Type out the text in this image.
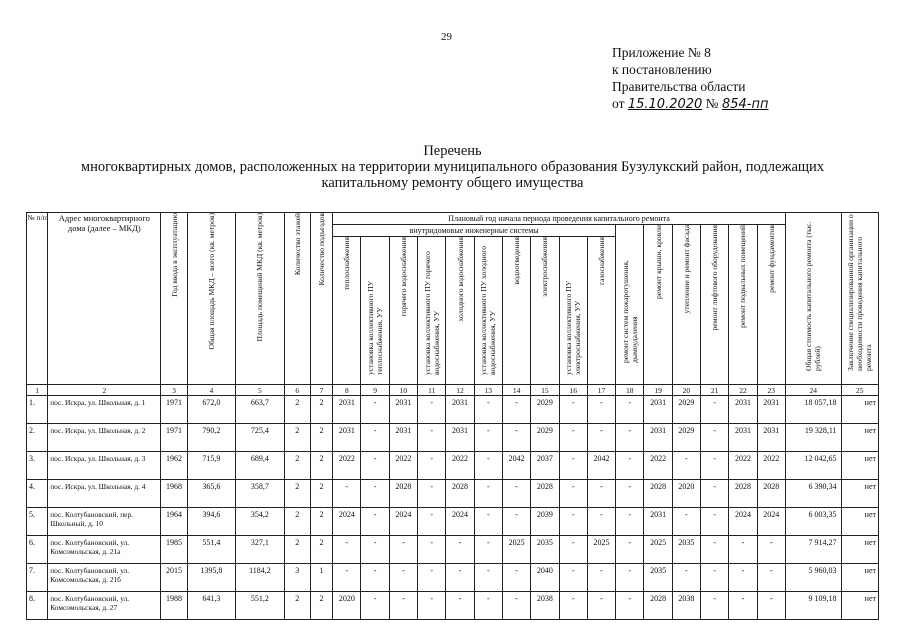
29
Приложение № 8
к постановлению
Правительства области
от 15.10.2020 № 854-пп
Перечень
многоквартирных домов, расположенных на территории муниципального образования Бузулукский район, подлежащих капитальному ремонту общего имущества
№ п/п	Адрес многоквартирного дома (далее – МКД)	Год ввода в эксплуатацию	Общая площадь МКД – всего (кв. метров)	Площадь помещений МКД (кв. метров)	Количество этажей	Количество подъездов	Плановый год начала периода проведения капитального ремонта																Общая стоимость капитального ремонта (тыс. рублей)	Заключение специализированной организации о необходимости проведения капитального ремонта
							внутридомовые инженерные системы										ремонт систем пожаротушения, дымоудаления	ремонт крыши, кровли	утепление и ремонт фасада	ремонт лифтового оборудования	ремонт подвальных помещений	ремонт фундаментов		
							теплоснабжения	установка коллективного ПУ теплоснабжения, УУ	горячего водоснабжения	установка коллективного ПУ горячего водоснабжения, УУ	холодного водоснабжения	установка коллективного ПУ холодного водоснабжения, УУ	водоотведения	электроснабжения	установка коллективного ПУ электроснабжения, УУ	газоснабжения								
1	2	3	4	5	6	7	8	9	10	11	12	13	14	15	16	17	18	19	20	21	22	23	24	25
1.	пос. Искра, ул. Школьная, д. 1	1971	672,0	663,7	2	2	2031	-	2031	-	2031	-	-	2029	-	-	-	2031	2029	-	2031	2031	18 057,18	нет
2.	пос. Искра, ул. Школьная, д. 2	1971	790,2	725,4	2	2	2031	-	2031	-	2031	-	-	2029	-	-	-	2031	2029	-	2031	2031	19 328,11	нет
3.	пос. Искра, ул. Школьная, д. 3	1962	715,9	689,4	2	2	2022	-	2022	-	2022	-	2042	2037	-	2042	-	2022	-	-	2022	2022	12 042,65	нет
4.	пос. Искра, ул. Школьная, д. 4	1968	365,6	358,7	2	2	-	-	2028	-	2028	-	-	2028	-	-	-	2028	2020	-	2028	2028	6 390,34	нет
5.	пос. Колтубановский, пер. Школьный, д. 10	1964	394,6	354,2	2	2	2024	-	2024	-	2024	-	-	2039	-	-	-	2031	-	-	2024	2024	6 003,35	нет
6.	пос. Колтубановский, ул. Комсомольская, д. 21а	1985	551,4	327,1	2	2	-	-	-	-	-	-	2025	2035	-	2025	-	2025	2035	-	-	-	7 914,27	нет
7.	пос. Колтубановский, ул. Комсомольская, д. 21б	2015	1395,8	1184,2	3	1	-	-	-	-	-	-	-	2040	-	-	-	2035	-	-	-	-	5 960,03	нет
8.	пос. Колтубановский, ул. Комсомольская, д. 27	1988	641,3	551,2	2	2	2020	-	-	-	-	-	-	2038	-	-	-	2028	2038	-	-	-	9 109,18	нет
